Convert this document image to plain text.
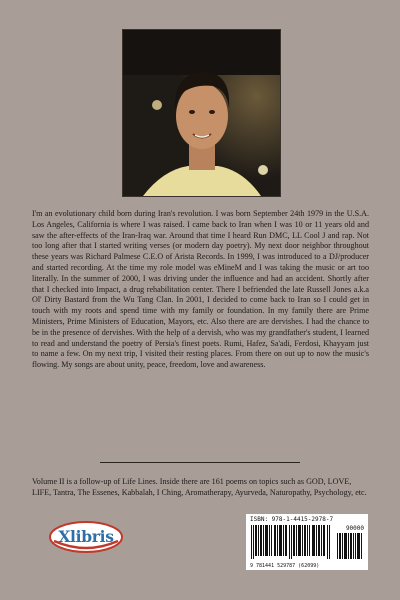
I'm an evolutionary child born during Iran's revolution. I was born September 24th 1979 in the U.S.A. Los Angeles, California is where I was raised. I came back to Iran when I was 10 or 11 years old and saw the after-effects of the Iran-Iraq war. Around that time I heard Run DMC, LL Cool J and rap. Not too long after that I started writing verses (or modern day poetry). My next door neighbor throughout these years was Richard Palmese C.E.O of Arista Records. In 1999, I was introduced to a DJ/producer and started recording. At the time my role model was eMineM and I was taking the music or art too literally. In the summer of 2000, I was driving under the influence and had an accident. Shortly after that I checked into Impact, a drug rehabilitation center. There I befriended the late Russell Jones a.k.a Ol' Dirty Bastard from the Wu Tang Clan. In 2001, I decided to come back to Iran so I could get in touch with my roots and spend time with my family or foundation. In my family there are Prime Ministers, Prime Ministers of Education, Mayors, etc. Also there are are dervishes. I had the chance to be in the presence of dervishes. With the help of a dervish, who was my grandfather's student, I learned to read and understand the poetry of Persia's finest poets. Rumi, Hafez, Sa'adi, Ferdosi, Khayyam just to name a few. On my next trip, I visited their resting places. From there on out up to now the music's flowing. My songs are about unity, peace, freedom, love and awareness.

Volume II is a follow-up of Life Lines. Inside there are 161 poems on topics such as GOD, LOVE, LIFE, Tantra, The Essenes, Kabbalah, I Ching, Aromatherapy, Ayurveda, Naturopathy, Psychology, etc.

Xlibris
ISBN: 978-1-4415-2978-7
90000
9 781441 529787 (62099)
